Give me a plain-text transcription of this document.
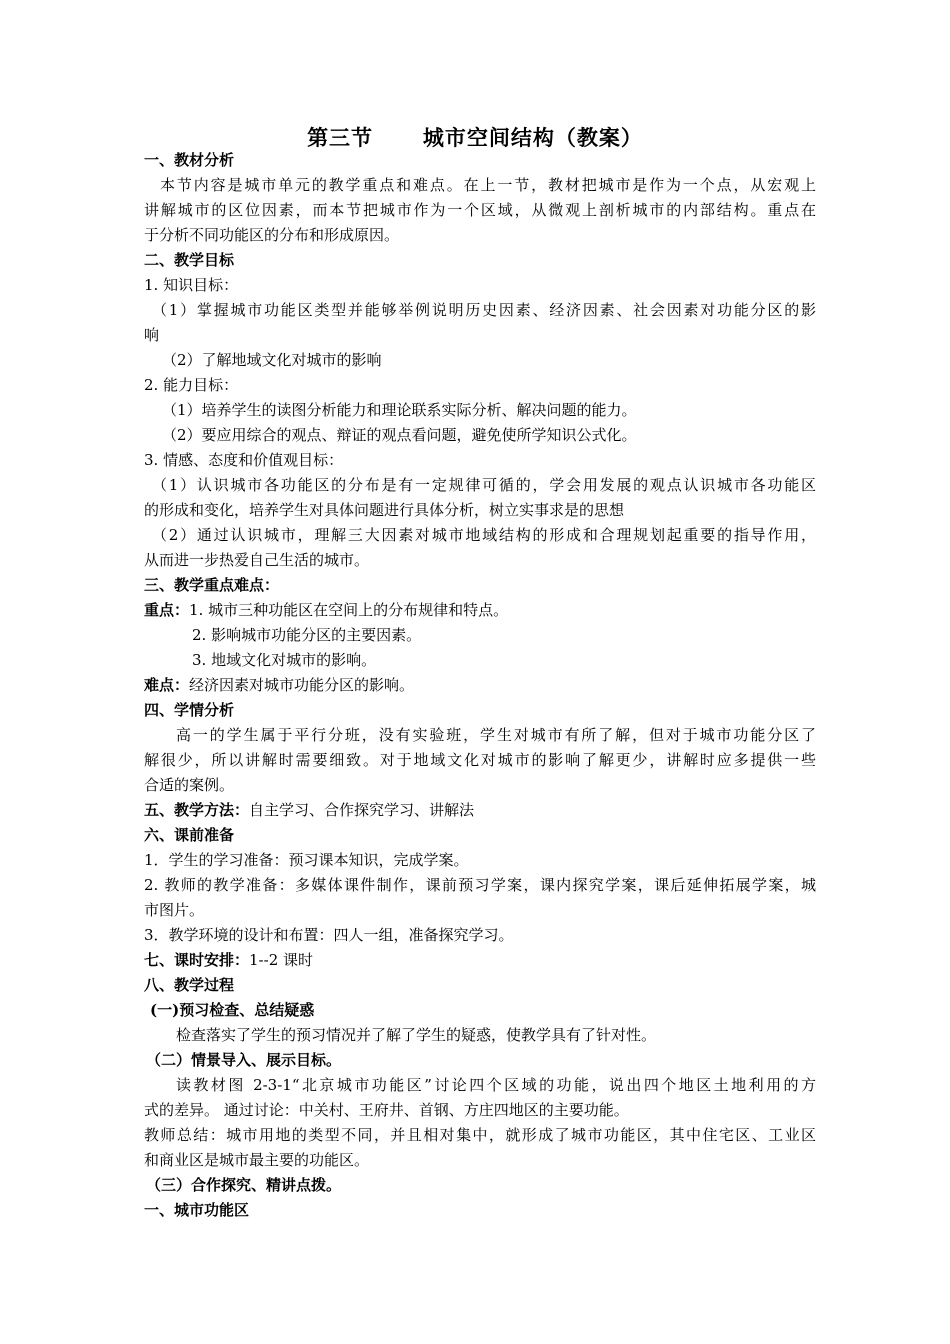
第三节      城市空间结构（教案）
一、教材分析
本节内容是城市单元的教学重点和难点。在上一节，教材把城市是作为一个点，从宏观上
讲解城市的区位因素，而本节把城市作为一个区域，从微观上剖析城市的内部结构。重点在
于分析不同功能区的分布和形成原因。
二、教学目标
1. 知识目标：
（1）掌握城市功能区类型并能够举例说明历史因素、经济因素、社会因素对功能分区的影
响
（2）了解地域文化对城市的影响
2. 能力目标：
（1）培养学生的读图分析能力和理论联系实际分析、解决问题的能力。
（2）要应用综合的观点、辩证的观点看问题，避免使所学知识公式化。
3. 情感、态度和价值观目标：
（1）认识城市各功能区的分布是有一定规律可循的，学会用发展的观点认识城市各功能区
的形成和变化，培养学生对具体问题进行具体分析，树立实事求是的思想
（2）通过认识城市，理解三大因素对城市地域结构的形成和合理规划起重要的指导作用，
从而进一步热爱自己生活的城市。
三、教学重点难点：
重点：1. 城市三种功能区在空间上的分布规律和特点。
2. 影响城市功能分区的主要因素。
3. 地域文化对城市的影响。
难点：经济因素对城市功能分区的影响。
四、学情分析
高一的学生属于平行分班，没有实验班，学生对城市有所了解，但对于城市功能分区了
解很少，所以讲解时需要细致。对于地域文化对城市的影响了解更少，讲解时应多提供一些
合适的案例。
五、教学方法：自主学习、合作探究学习、讲解法
六、课前准备
1．学生的学习准备：预习课本知识，完成学案。
2. 教师的教学准备：多媒体课件制作，课前预习学案，课内探究学案，课后延伸拓展学案，城
市图片。
3．教学环境的设计和布置：四人一组，准备探究学习。
七、课时安排：1--2 课时
八、教学过程
(一)预习检查、总结疑惑
检查落实了学生的预习情况并了解了学生的疑惑，使教学具有了针对性。
（二）情景导入、展示目标。
读教材图 2-3-1“北京城市功能区”讨论四个区域的功能，说出四个地区土地利用的方
式的差异。 通过讨论：中关村、王府井、首钢、方庄四地区的主要功能。
教师总结：城市用地的类型不同，并且相对集中，就形成了城市功能区，其中住宅区、工业区
和商业区是城市最主要的功能区。
（三）合作探究、精讲点拨。
一、城市功能区
